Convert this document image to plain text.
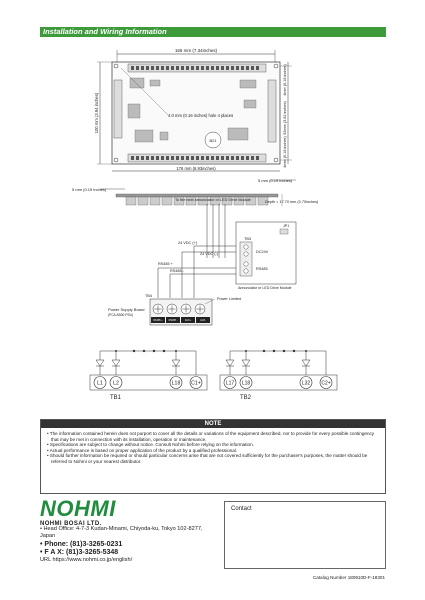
Installation and Wiring Information
165 mm (7.34inches)
100 mm (3.94 inches)
B21
4.0 mm (0.16 inches) hole 4 places
4mm (0.16 inches)
92mm (3.62 inches)
4mm (0.16 inches)
176 mm (6.93inches)
5 mm (0.19 inches)
5 mm (0.19 inches)
Depth = 17.70 mm (0.70inches)
To the next annunciator or LED Drive Module
JP1
TB3
DC24V
RS485
Annunciator or LED Drive Module
24 VDC (+)
24 VDC (-)
RS485 +
RS485 -
TB4
RS485 + RS485 -	AUX+	AUX-
Power Limited
Power Supply Board
(PCA-N500-PSU)
L1 L2	L18 C1+
TB1
L17 L18	L32 C2+
TB2
NOTE
• The information contained herein does not purport to cover all the details or variations of the equipment described, nor to provide for every possible contingency that may be met in connection with its installation, operation or maintenance.
• Specifications are subject to change without notice. Consult Nohmi before relying on the information.
• Actual performance is based on proper application of the product by a qualified professional.
• Should further information be required or should particular concerns arise that are not covered sufficiently for the purchaser's purposes, the matter should be referred to Nohmi or your nearest distributor.
NOHMI
NOHMI BOSAI LTD.
• Head Office: 4-7-3 Kudan-Minami, Chiyoda-ku, Tokyo 102-8277, Japan
• Phone: (81)3-3265-0231
• F A X: (81)3-3265-5348
URL https://www.nohmi.co.jp/english/
Contact
Catalog Number 180910D-F-18301
